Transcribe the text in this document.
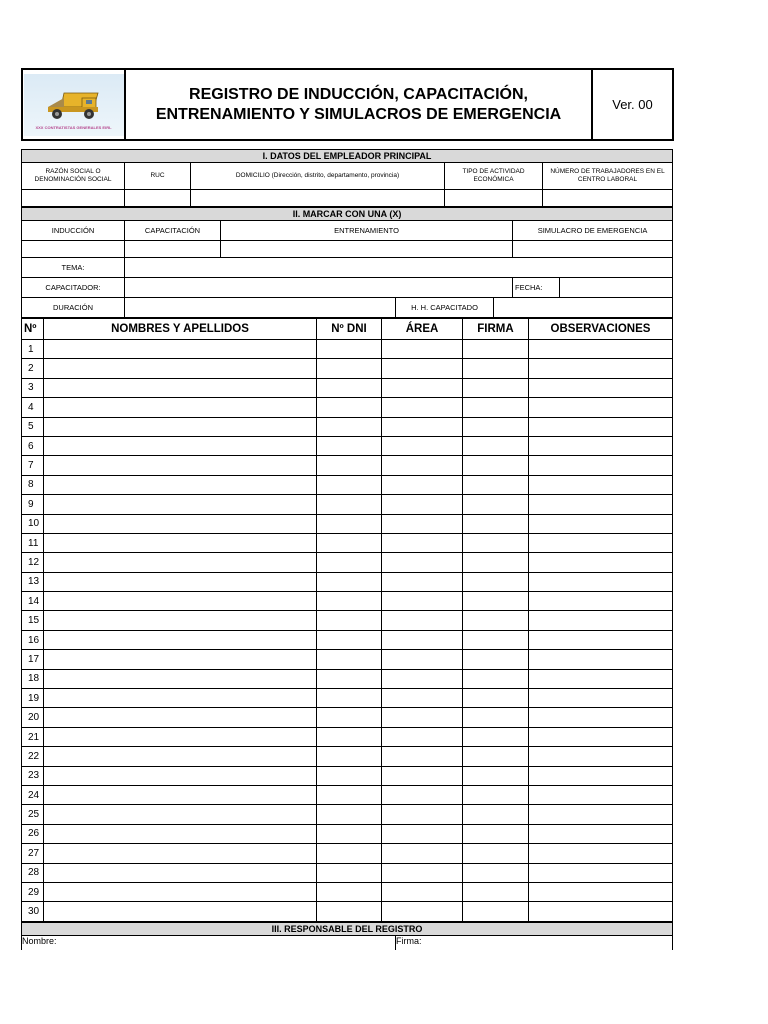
XXX CONTRATISTAS GENERALES EIRL

REGISTRO DE INDUCCIÓN, CAPACITACIÓN,
ENTRENAMIENTO Y SIMULACROS DE EMERGENCIA
	Ver. 00
I. DATOS DEL EMPLEADOR PRINCIPAL				
RAZÓN SOCIAL O DENOMINACIÓN SOCIAL	RUC	DOMICILIO (Dirección, distrito, departamento, provincia)	TIPO DE ACTIVIDAD ECONÓMICA	NÚMERO DE TRABAJADORES EN EL CENTRO LABORAL

II. MARCAR CON UNA (X)						
INDUCCIÓN	CAPACITACIÓN	ENTRENAMIENTO			SIMULACRO DE EMERGENCIA	

TEMA:						
CAPACITADOR:					FECHA:	
DURACIÓN			H. H. CAPACITADO			
Nº	NOMBRES Y APELLIDOS	Nº DNI	ÁREA	FIRMA	OBSERVACIONES
1					
2					
3					
4					
5					
6					
7					
8					
9					
10					
11					
12					
13					
14					
15					
16					
17					
18					
19					
20					
21					
22					
23					
24					
25					
26					
27					
28					
29					
30					
III. RESPONSABLE DEL REGISTRO
Nombre:	Firma:
